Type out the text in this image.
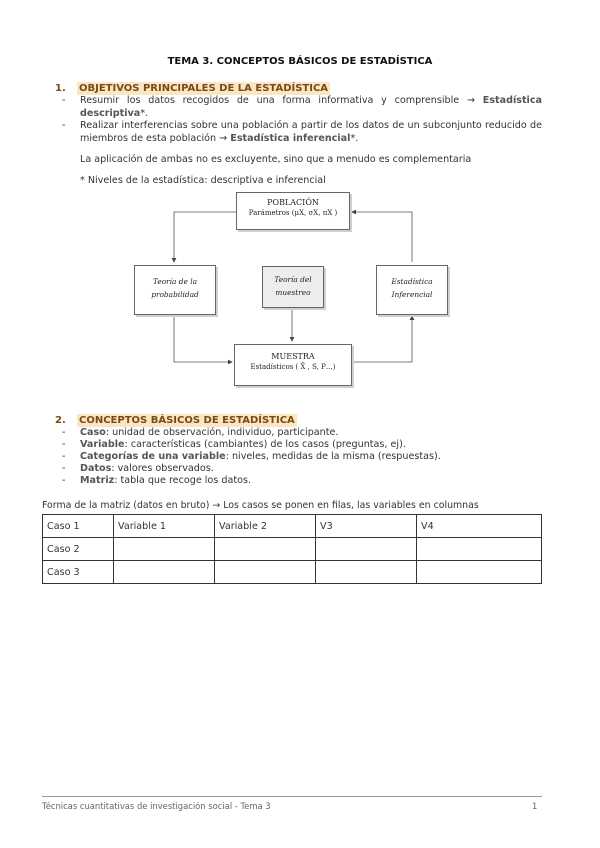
TEMA 3. CONCEPTOS BÁSICOS DE ESTADÍSTICA
1. OBJETIVOS PRINCIPALES DE LA ESTADÍSTICA
- Resumir los datos recogidos de una forma informativa y comprensible → Estadística descriptiva*.
- Realizar interferencias sobre una población a partir de los datos de un subconjunto reducido de miembros de esta población → Estadística inferencial*.
La aplicación de ambas no es excluyente, sino que a menudo es complementaria
* Niveles de la estadística: descriptiva e inferencial
POBLACIÓN
Parámetros (μX, σX, πX )
Teoría de la
probabilidad
Teoría del
muestreo
Estadística
Inferencial
MUESTRA
Estadísticos ( X̄ , S, P…)
2. CONCEPTOS BÁSICOS DE ESTADÍSTICA
- Caso: unidad de observación, individuo, participante.
- Variable: características (cambiantes) de los casos (preguntas, ej).
- Categorías de una variable: niveles, medidas de la misma (respuestas).
- Datos: valores observados.
- Matriz: tabla que recoge los datos.
Forma de la matriz (datos en bruto) → Los casos se ponen en filas, las variables en columnas
Caso 1	Variable 1	Variable 2	V3	V4
Caso 2				
Caso 3				
Técnicas cuantitativas de investigación social - Tema 3	1
